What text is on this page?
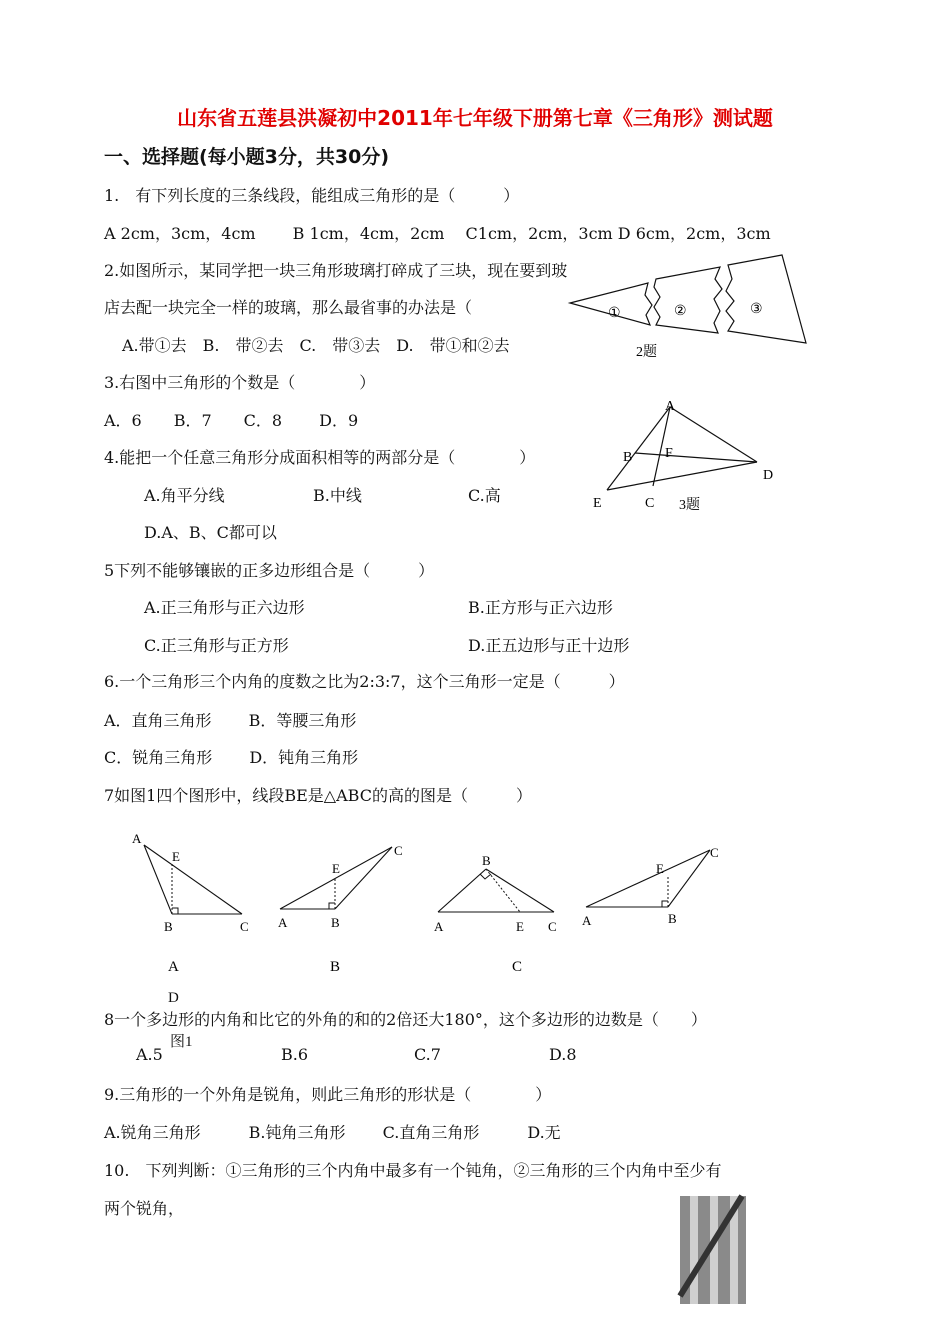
山东省五莲县洪凝初中2011年七年级下册第七章《三角形》测试题
一、选择题(每小题3分，共30分)
1.　有下列长度的三条线段，能组成三角形的是（　　　）
A 2cm，3cm，4cm　　 B 1cm，4cm，2cm　 C1cm，2cm，3cm D 6cm，2cm，3cm
2.如图所示，某同学把一块三角形玻璃打碎成了三块，现在要到玻
店去配一块完全一样的玻璃，那么最省事的办法是（
A.带①去　B.　带②去　C.　带③去　D.　带①和②去
①	②	③
2题
3.右图中三角形的个数是（　　　　）
A．6　　B．7　　C．8　　 D．9
A
B F
D
E	C 3题
4.能把一个任意三角形分成面积相等的两部分是（　　　　）
A.角平分线	B.中线	C.高
D.A、B、C都可以
5下列不能够镶嵌的正多边形组合是（　　　）
A.正三角形与正六边形	B.正方形与正六边形
C.正三角形与正方形	D.正五边形与正十边形
6.一个三角形三个内角的度数之比为2:3:7，这个三角形一定是（　　　）
A．直角三角形　　 B．等腰三角形
C．锐角三角形　　 D．钝角三角形
7如图1四个图形中，线段BE是△ABC的高的图是（　　　）
A
E
B	C
A
E
C
A	B
B
B
A	E C
C
E
C
A	B
D
图1
8一个多边形的内角和比它的外角的和的2倍还大180°，这个多边形的边数是（　　）
A.5	B.6	C.7	D.8
9.三角形的一个外角是锐角，则此三角形的形状是（　　　　）
A.锐角三角形　　　B.钝角三角形　　 C.直角三角形　　　D.无
10.　下列判断：①三角形的三个内角中最多有一个钝角，②三角形的三个内角中至少有
两个锐角，
